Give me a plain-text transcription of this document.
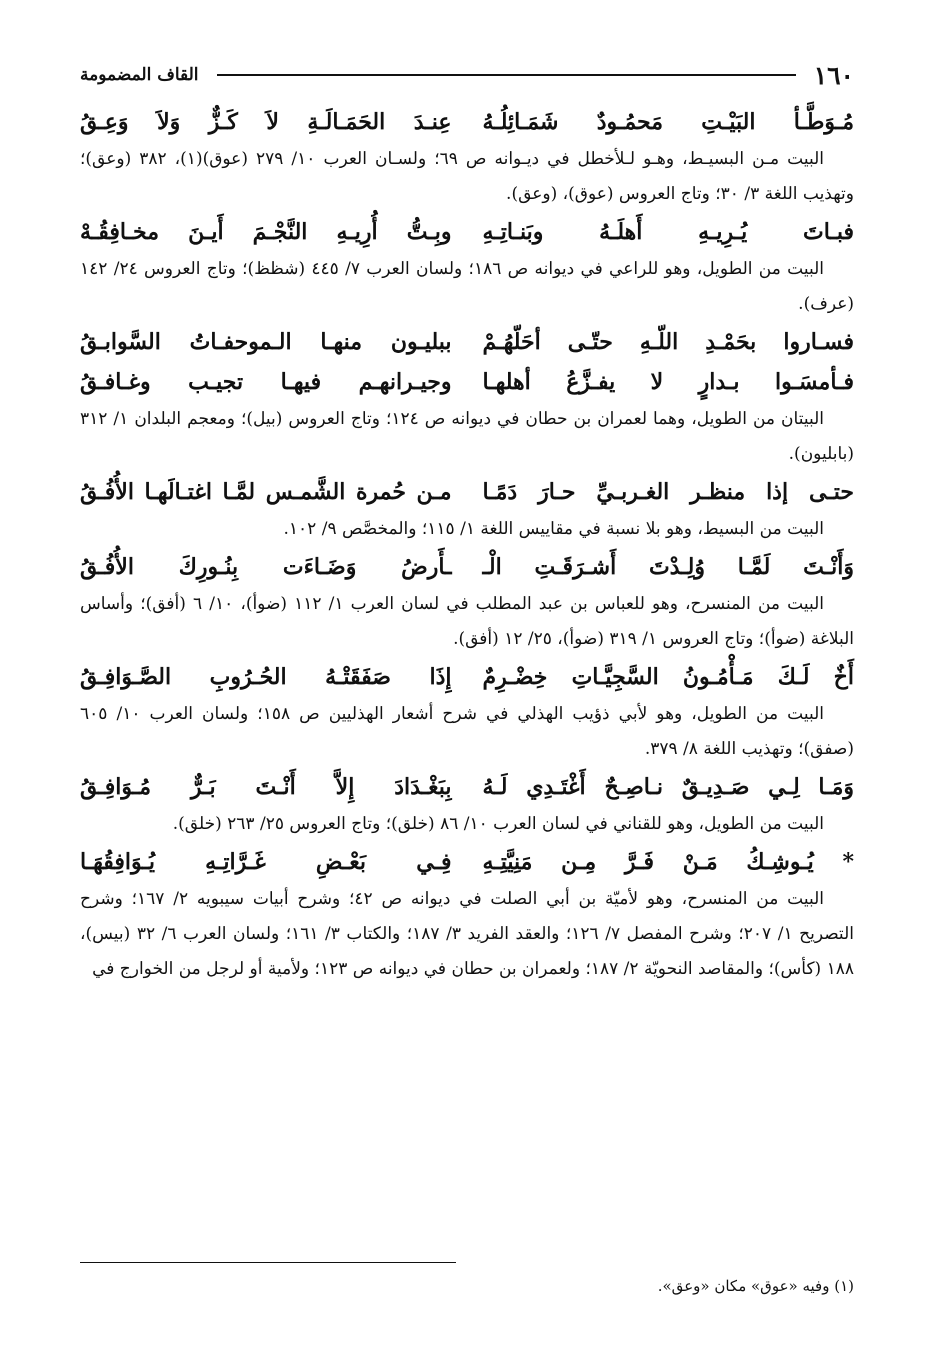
١٦٠
القاف المضمومة
مُـوَطَّـأ البَيْـتِ مَحمُـودٌ شَمَـائِلُـهُ
عِنـدَ الحَمَـالَـةِ لاَ كَـزٌّ وَلاَ وَعِـقُ

البيت مـن البسيـط، وهـو لـلأخطل في ديـوانه ص ٦٩؛ ولسـان العرب ١٠/ ٢٧٩ (عوق)(١)، ٣٨٢ (وعق)؛ وتهذيب اللغة ٣/ ٣٠؛ وتاج العروس (عوق)، (وعق).

فبـاتَ يُـرِيـهِ أَهلَـهُ وبَنـاتِـهِ
وبِـتُّ أُرِيـهِ النَّجْـمَ أَيـنَ مخـافِقُـهْ

البيت من الطويل، وهو للراعي في ديوانه ص ١٨٦؛ ولسان العرب ٧/ ٤٤٥ (شظظ)؛ وتاج العروس ٢٤/ ١٤٢ (عرف).

فسـاروا بحَمْـدِ اللّـهِ حتّـى أحَلّهُـمْ
ببليـون منهـا الـموحفـاتُ السَّوابـقُ
فـأمسَـوا بـدارٍ لا يفـزَّعُ أهلهـا
وجيـرانهـم فيهـا تجيـب وغـافـقُ

البيتان من الطويل، وهما لعمران بن حطان في ديوانه ص ١٢٤؛ وتاج العروس (بيل)؛ ومعجم البلدان ١/ ٣١٢ (بابليون).

حتـى إذا منظـر الغـربـيِّ حـارَ دَمًـا
مـن حُمرة الشَّمـس لمَّـا اغتـالَهـا الأُفُـقُ

البيت من البسيط، وهو بلا نسبة في مقاييس اللغة ١/ ١١٥؛ والمخصَّص ٩/ ١٠٢.

وَأَنْـتَ لَمَّـا وُلِـدْتَ أَشـرَقَـتِ الْـ
ـأَرضُ وَضَـاءَت بِنُـورِكَ الأُفُـقُ

البيت من المنسرح، وهو للعباس بن عبد المطلب في لسان العرب ١/ ١١٢ (ضوأ)، ١٠/ ٦ (أفق)؛ وأساس البلاغة (ضوأ)؛ وتاج العروس ١/ ٣١٩ (ضوأ)، ٢٥/ ١٢ (أفق).

أَخٌ لَـكَ مَـأْمُـونُ السَّجِيَّـاتِ خِضْـرِمٌ
إِذَا صَفَقَتْـهُ الحُـرُوبِ الصَّـوَافِـقُ

البيت من الطويل، وهو لأبي ذؤيب الهذلي في شرح أشعار الهذليين ص ١٥٨؛ ولسان العرب ١٠/ ٦٠٥ (صفق)؛ وتهذيب اللغة ٨/ ٣٧٩.

وَمَـا لِـي صَـدِيـقٌ نـاصِـحٌ أَغْتَـدِي لَـهُ
بِبَغْـدَادَ إِلاَّ أَنْـتَ بَـرٌّ مُـوَافِـقُ

البيت من الطويل، وهو للقناني في لسان العرب ١٠/ ٨٦ (خلق)؛ وتاج العروس ٢٥/ ٢٦٣ (خلق).

* يُـوشِـكُ مَـنْ فَـرَّ مِـن مَنِيَّتِـهِ
فِـي بَعْـضِ غَـرَّاتِـهِ يُـوَافِقُهَـا

البيت من المنسرح، وهو لأميّة بن أبي الصلت في ديوانه ص ٤٢؛ وشرح أبيات سيبويه ٢/ ١٦٧؛ وشرح التصريح ١/ ٢٠٧؛ وشرح المفصل ٧/ ١٢٦؛ والعقد الفريد ٣/ ١٨٧؛ والكتاب ٣/ ١٦١؛ ولسان العرب ٦/ ٣٢ (بيس)، ١٨٨ (كأس)؛ والمقاصد النحويّة ٢/ ١٨٧؛ ولعمران بن حطان في ديوانه ص ١٢٣؛ ولأمية أو لرجل من الخوارج في

(١) وفيه «عوق» مكان «وعق».
